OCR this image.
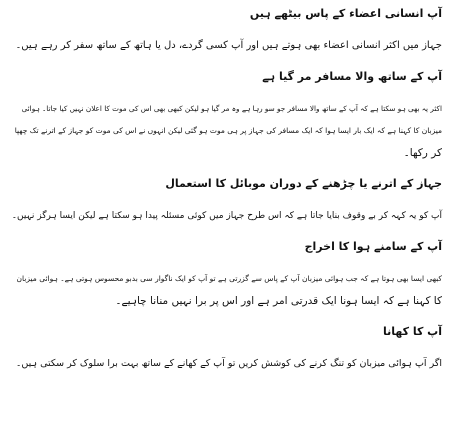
آپ انسانی اعضاء کے پاس بیٹھے ہیں

جہاز میں اکثر انسانی اعضاء بھی ہوتے ہیں اور آپ کسی گردے، دل یا ہاتھ کے ساتھ سفر کر رہے ہیں۔

آپ کے ساتھ والا مسافر مر گیا ہے

اکثر یہ بھی ہو سکتا ہے کہ آپ کے ساتھ والا مسافر جو سو رہا ہے وہ مر گیا ہو لیکن کبھی بھی اس کی موت کا اعلان نہیں کیا جاتا۔ ہوائی
میزبان کا کہنا ہے کہ ایک بار ایسا ہوا کہ ایک مسافر کی جہاز پر ہی موت ہو گئی لیکن انہوں نے اس کی موت کو جہاز کے اترنے تک چھپا
کر رکھا۔

جہاز کے اترنے یا چڑھنے کے دوران موبائل کا استعمال

آپ کو یہ کہہ کر بے وقوف بنایا جاتا ہے کہ اس طرح جہاز میں کوئی مسئلہ پیدا ہو سکتا ہے لیکن ایسا ہرگز نہیں۔

آپ کے سامنے ہوا کا اخراج

کبھی ایسا بھی ہوتا ہے کہ جب ہوائی میزبان آپ کے پاس سے گزرتی ہے تو آپ کو ایک ناگوار سی بدبو محسوس ہوتی ہے۔ ہوائی میزبان
کا کہنا ہے کہ ایسا ہونا ایک قدرتی امر ہے اور اس پر برا نہیں منانا چاہیے۔

آپ کا کھانا

اگر آپ ہوائی میزبان کو تنگ کرنے کی کوشش کریں تو آپ کے کھانے کے ساتھ بہت برا سلوک کر سکتی ہیں۔
